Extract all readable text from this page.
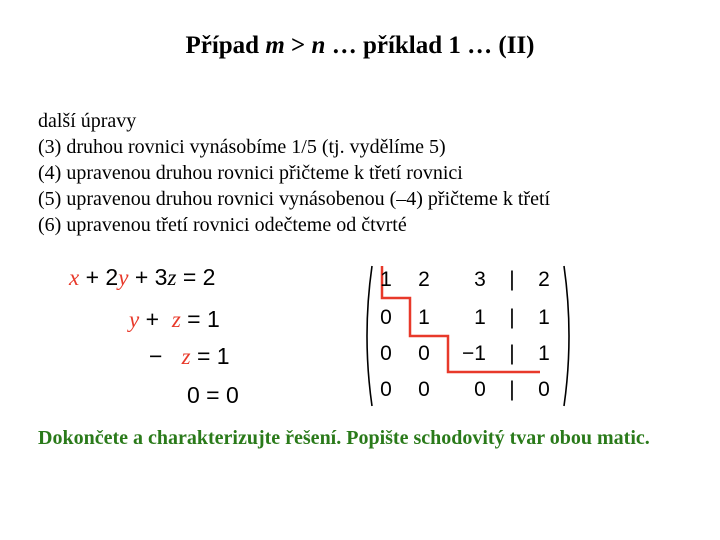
Případ m > n … příklad 1 … (II)
další úpravy
(3) druhou rovnici vynásobíme 1/5 (tj. vydělíme 5)
(4) upravenou druhou rovnici přičteme k třetí rovnici
(5) upravenou druhou rovnici vynásobenou (–4) přičteme k třetí
(6) upravenou třetí rovnici odečteme od čtvrté
x + 2y + 3z = 2
y + z = 1
− z = 1
0 = 0
1	2	3	|	2
0	1	1	|	1
0	0	−1	|	1
0	0	0	|	0
Dokončete a charakterizujte řešení. Popište schodovitý tvar obou matic.
